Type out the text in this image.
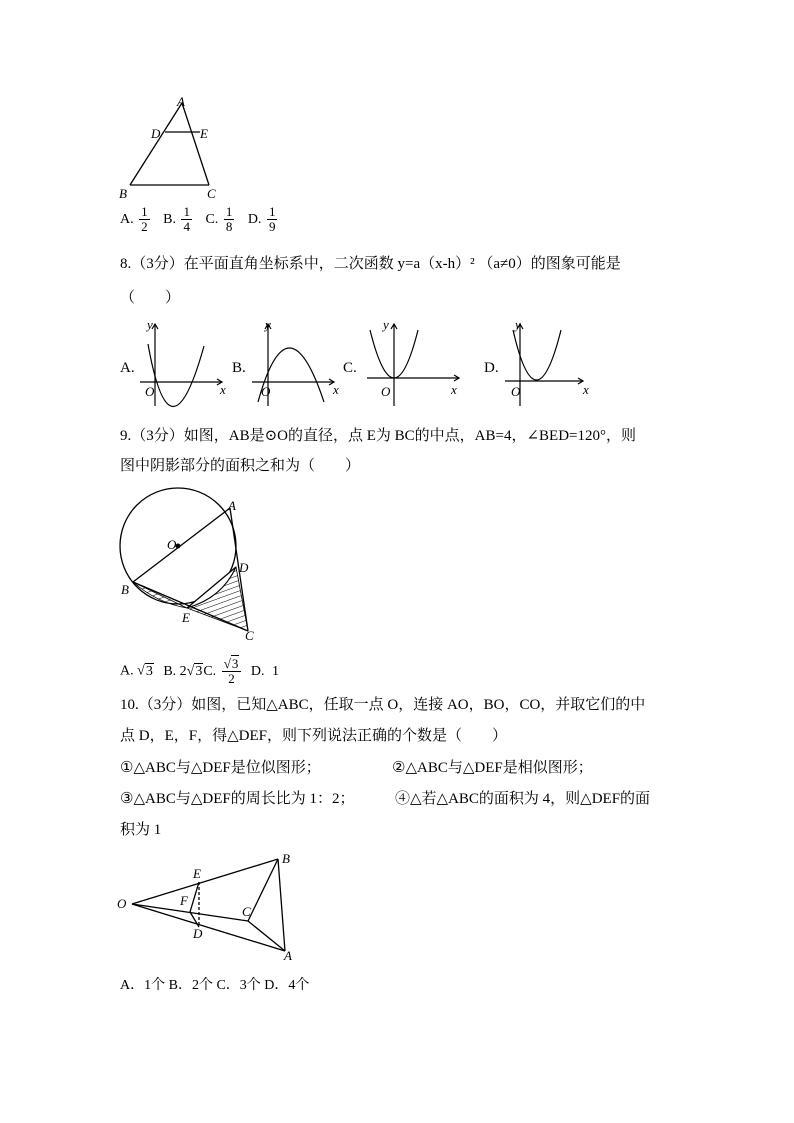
A
D	E
B	C
A. $\frac{1}{2} B$. $\frac{1}{4} C$. $\frac{1}{8} D$. $\frac{1}{9}$
8.（3分）在平面直角坐标系中，二次函数 y=a（x-h）² （a≠0）的图象可能是
（　　）
A.
y
x
O
B.
y
x
O
C.
y
x
O
D.
y
x
O
9.（3分）如图，AB是⊙O的直径，点 E为 BC的中点，AB=4，∠BED=120°，则
图中阴影部分的面积之和为（　　）
A
O
D
B
E
C
A. √3 B. 2√3C. $\frac{√3}{2} D$. 1
10.（3分）如图，已知△ABC，任取一点 O，连接 AO，BO，CO，并取它们的中
点 D，E，F，得△DEF，则下列说法正确的个数是（　　）
①△ABC与△DEF是位似图形；	②△ABC与△DEF是相似图形；
③△ABC与△DEF的周长比为 1：2；	④△若△ABC的面积为 4，则△DEF的面
积为 1
O
E
B
F
C
D
A
A．1个 B．2个 C．3个 D．4个
